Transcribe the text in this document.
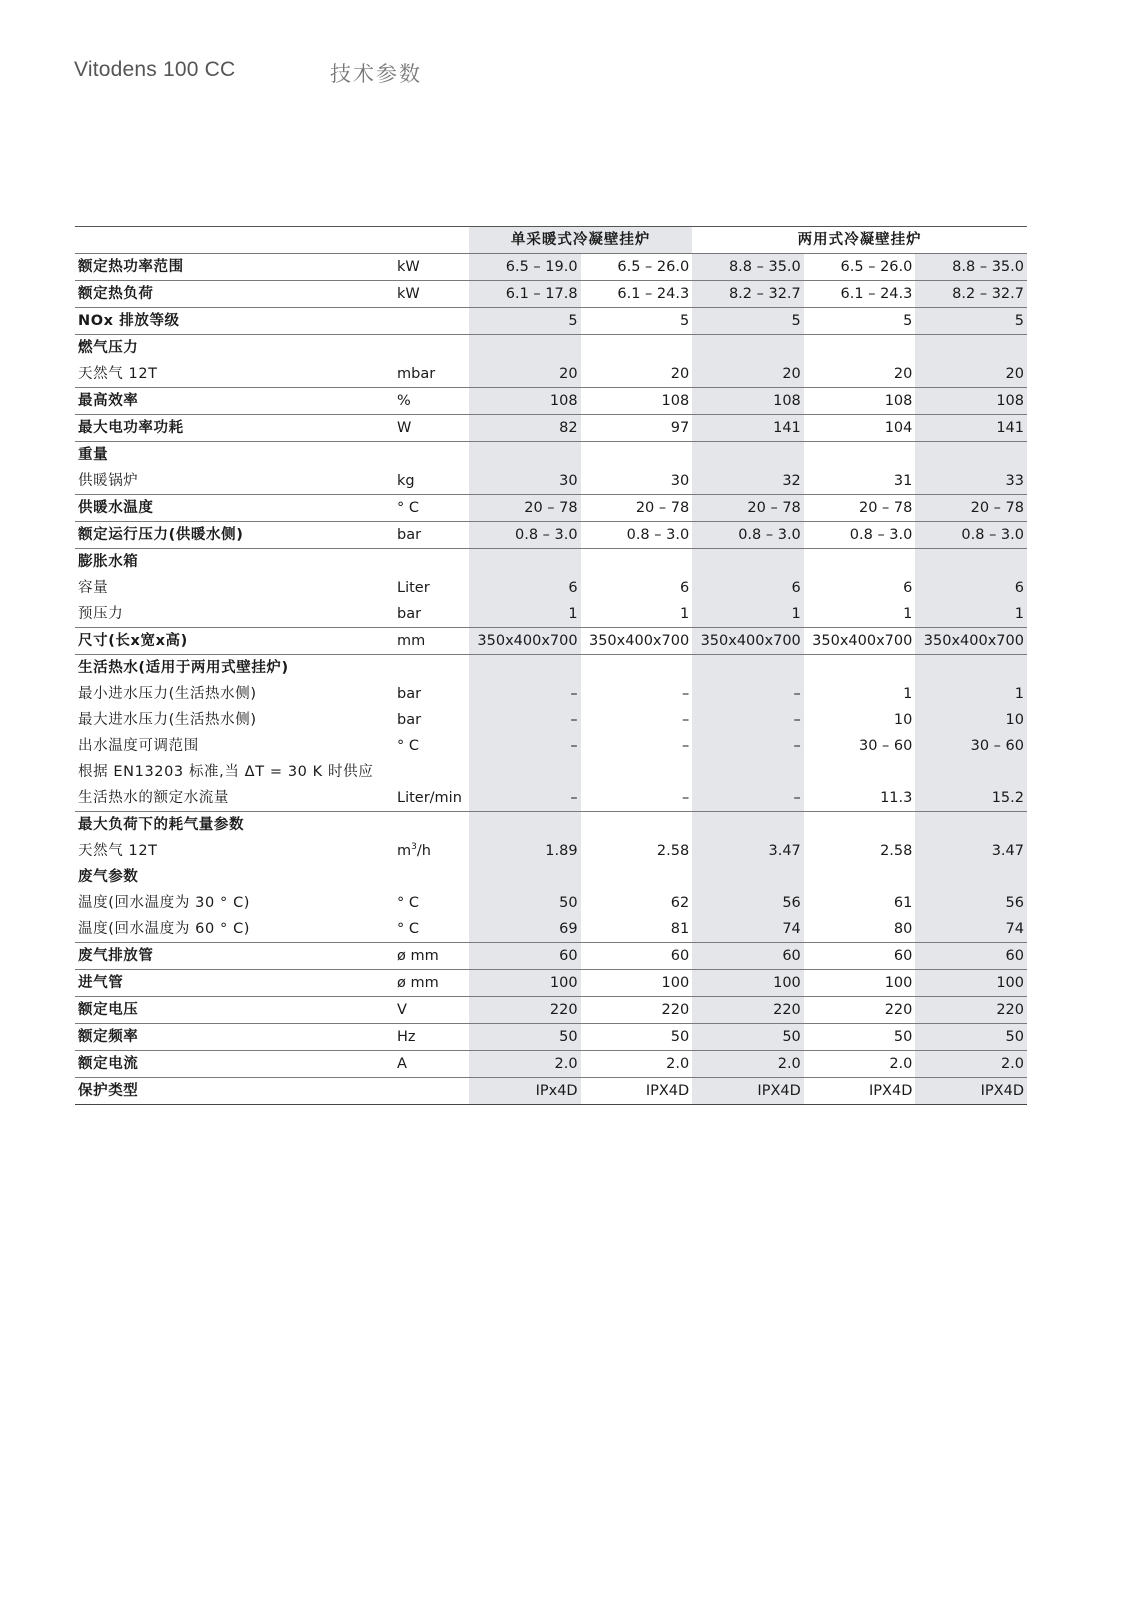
Vitodens 100 CC	技术参数
		单采暖式冷凝壁挂炉		两用式冷凝壁挂炉		
额定热功率范围	kW	6.5 – 19.0	6.5 – 26.0	8.8 – 35.0	6.5 – 26.0	8.8 – 35.0
额定热负荷	kW	6.1 – 17.8	6.1 – 24.3	8.2 – 32.7	6.1 – 24.3	8.2 – 32.7
NOx 排放等级		5	5	5	5	5
燃气压力						
天然气 12T	mbar	20	20	20	20	20
最高效率	%	108	108	108	108	108
最大电功率功耗	W	82	97	141	104	141
重量						
供暖锅炉	kg	30	30	32	31	33
供暖水温度	° C	20 – 78	20 – 78	20 – 78	20 – 78	20 – 78
额定运行压力(供暖水侧)	bar	0.8 – 3.0	0.8 – 3.0	0.8 – 3.0	0.8 – 3.0	0.8 – 3.0
膨胀水箱						
容量	Liter	6	6	6	6	6
预压力	bar	1	1	1	1	1
尺寸(长x宽x高)	mm	350x400x700	350x400x700	350x400x700	350x400x700	350x400x700
生活热水(适用于两用式壁挂炉)						
最小进水压力(生活热水侧)	bar	–	–	–	1	1
最大进水压力(生活热水侧)	bar	–	–	–	10	10
出水温度可调范围	° C	–	–	–	30 – 60	30 – 60
根据 EN13203 标准,当 ΔT = 30 K 时供应						
生活热水的额定水流量	Liter/min	–	–	–	11.3	15.2
最大负荷下的耗气量参数						
天然气 12T	$m^3/h$	1.89	2.58	3.47	2.58	3.47
废气参数						
温度(回水温度为 30 ° C)	° C	50	62	56	61	56
温度(回水温度为 60 ° C)	° C	69	81	74	80	74
废气排放管	ø mm	60	60	60	60	60
进气管	ø mm	100	100	100	100	100
额定电压	V	220	220	220	220	220
额定频率	Hz	50	50	50	50	50
额定电流	A	2.0	2.0	2.0	2.0	2.0
保护类型		IPx4D	IPX4D	IPX4D	IPX4D	IPX4D
